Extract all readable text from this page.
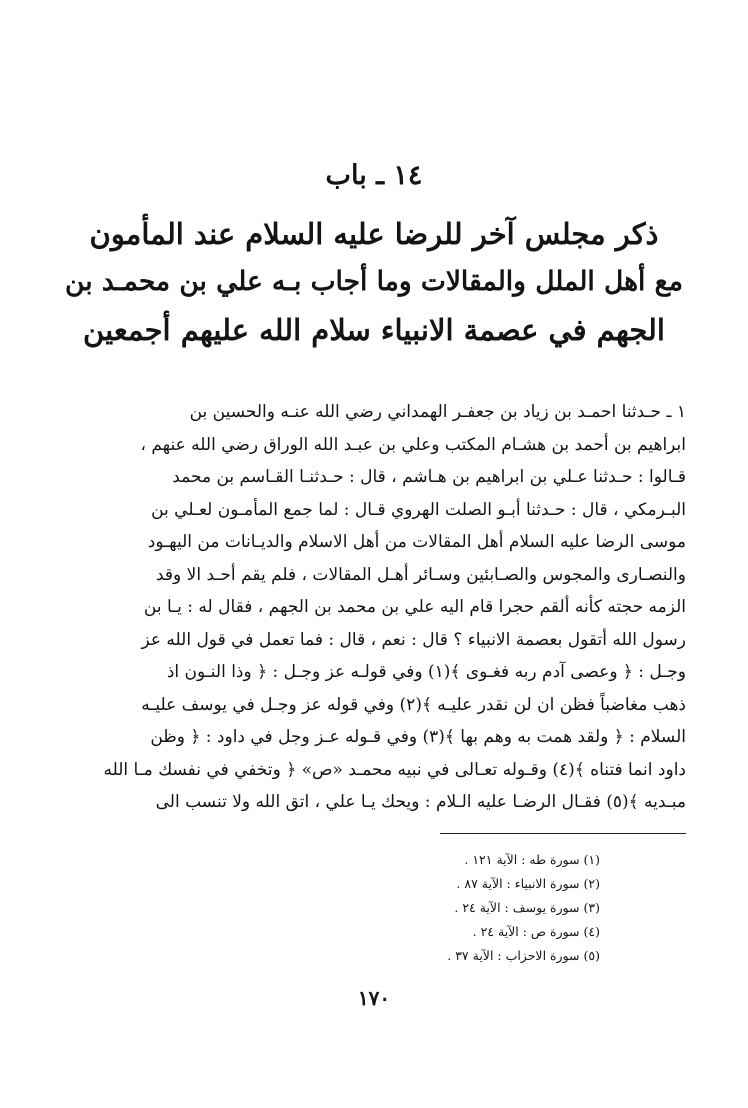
١٤ ـ باب
ذكر مجلس آخر للرضا عليه السلام عند المأمون
مع أهل الملل والمقالات وما أجاب بـه علي بن محمـد بن
الجهم في عصمة الانبياء سلام الله عليهم أجمعين
١ ـ حـدثنا احمـد بن زياد بن جعفـر الهمداني رضي الله عنـه والحسين بن
ابراهيم بن أحمد بن هشـام المكتب وعلي بن عبـد الله الوراق رضي الله عنهم ،
قـالوا : حـدثنا عـلي بن ابراهيم بن هـاشم ، قال : حـدثنـا القـاسم بن محمد
البـرمكي ، قال : حـدثنا أبـو الصلت الهروي قـال : لما جمع المأمـون لعـلي بن
موسى الرضا عليه السلام أهل المقالات من أهل الاسلام والديـانات من اليهـود
والنصـارى والمجوس والصـابئين وسـائر أهـل المقالات ، فلم يقم أحـد الا وقد
الزمه حجته كأنه ألقم حجرا قام اليه علي بن محمد بن الجهم ، فقال له : يـا بن
رسول الله أتقول بعصمة الانبياء ؟ قال : نعم ، قال : فما تعمل في قول الله عز
وجـل : ﴿ وعصى آدم ربه فغـوى ﴾(١) وفي قولـه عز وجـل : ﴿ وذا النـون اذ
ذهب مغاضباً فظن ان لن نقدر عليـه ﴾(٢) وفي قوله عز وجـل في يوسف عليـه
السلام : ﴿ ولقد همت به وهم بها ﴾(٣) وفي قـوله عـز وجل في داود : ﴿ وظن
داود انما فتناه ﴾(٤) وقـوله تعـالى في نبيه محمـد «ص» ﴿ وتخفي في نفسك مـا الله
مبـديه ﴾(٥) فقـال الرضـا عليه الـلام : ويحك يـا علي ، اتق الله ولا تنسب الى
(١) سورة طه : الآية ١٢١ .
(٢) سورة الانبياء : الآية ٨٧ .
(٣) سورة يوسف : الآية ٢٤ .
(٤) سورة ص : الآية ٢٤ .
(٥) سورة الاحزاب : الآية ٣٧ .
١٧٠
